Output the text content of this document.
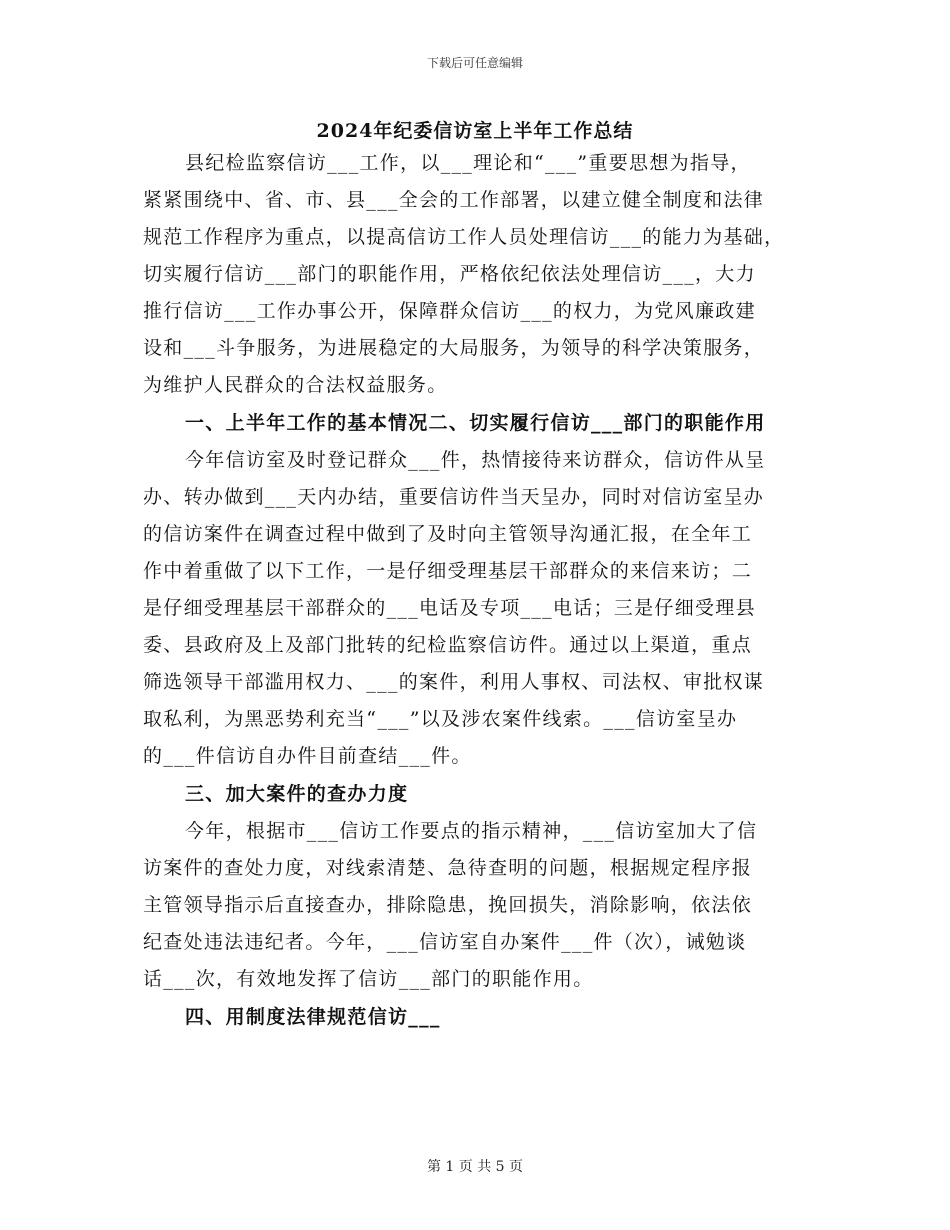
下载后可任意编辑
2024年纪委信访室上半年工作总结
县纪检监察信访___工作，以___理论和“___”重要思想为指导，
紧紧围绕中、省、市、县___全会的工作部署，以建立健全制度和法律
规范工作程序为重点，以提高信访工作人员处理信访___的能力为基础，
切实履行信访___部门的职能作用，严格依纪依法处理信访___，大力
推行信访___工作办事公开，保障群众信访___的权力，为党风廉政建
设和___斗争服务，为进展稳定的大局服务，为领导的科学决策服务，
为维护人民群众的合法权益服务。
一、上半年工作的基本情况二、切实履行信访___部门的职能作用
今年信访室及时登记群众___件，热情接待来访群众，信访件从呈
办、转办做到___天内办结，重要信访件当天呈办，同时对信访室呈办
的信访案件在调查过程中做到了及时向主管领导沟通汇报，在全年工
作中着重做了以下工作，一是仔细受理基层干部群众的来信来访；二
是仔细受理基层干部群众的___电话及专项___电话；三是仔细受理县
委、县政府及上及部门批转的纪检监察信访件。通过以上渠道，重点
筛选领导干部滥用权力、___的案件，利用人事权、司法权、审批权谋
取私利，为黑恶势利充当“___”以及涉农案件线索。___信访室呈办
的___件信访自办件目前查结___件。
三、加大案件的查办力度
今年，根据市___信访工作要点的指示精神，___信访室加大了信
访案件的查处力度，对线索清楚、急待查明的问题，根据规定程序报
主管领导指示后直接查办，排除隐患，挽回损失，消除影响，依法依
纪查处违法违纪者。今年，___信访室自办案件___件（次），诫勉谈
话___次，有效地发挥了信访___部门的职能作用。
四、用制度法律规范信访___
第 1 页 共 5 页
